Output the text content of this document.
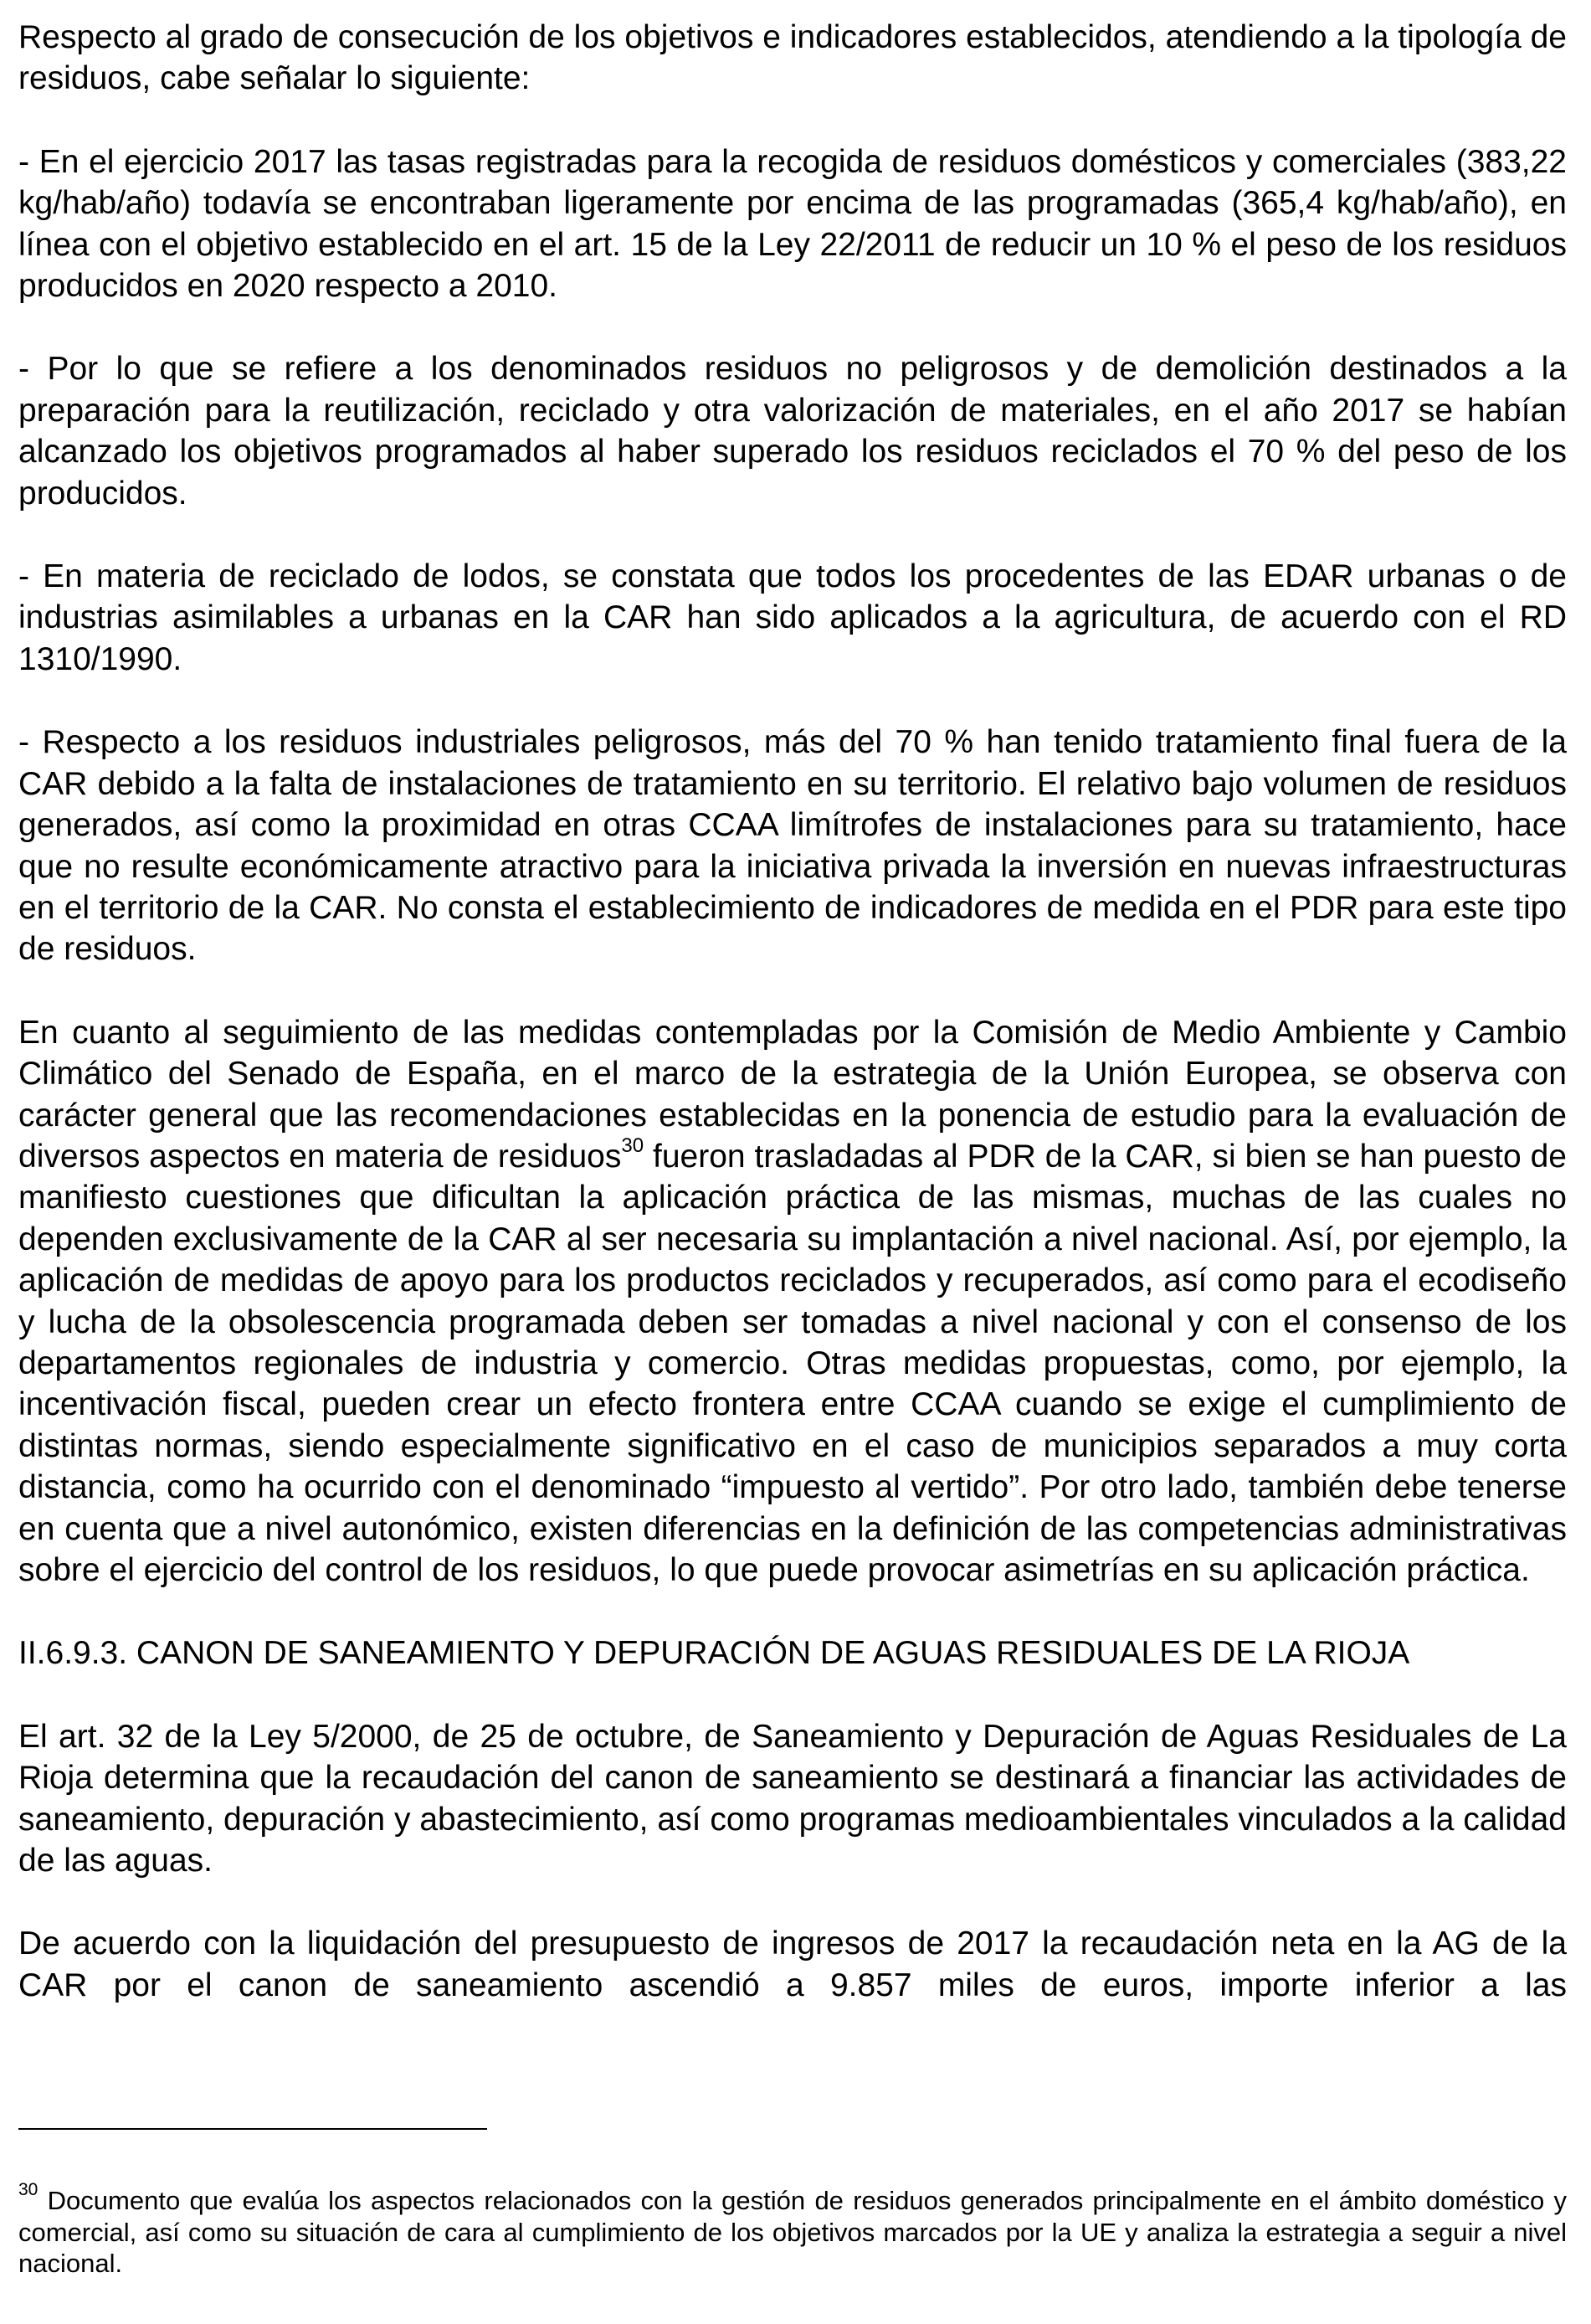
Respecto al grado de consecución de los objetivos e indicadores establecidos, atendiendo a la tipología de residuos, cabe señalar lo siguiente:

- En el ejercicio 2017 las tasas registradas para la recogida de residuos domésticos y comerciales (383,22 kg/hab/año) todavía se encontraban ligeramente por encima de las programadas (365,4 kg/hab/año), en línea con el objetivo establecido en el art. 15 de la Ley 22/2011 de reducir un 10 % el peso de los residuos producidos en 2020 respecto a 2010.

- Por lo que se refiere a los denominados residuos no peligrosos y de demolición destinados a la preparación para la reutilización, reciclado y otra valorización de materiales, en el año 2017 se habían alcanzado los objetivos programados al haber superado los residuos reciclados el 70 % del peso de los producidos.

- En materia de reciclado de lodos, se constata que todos los procedentes de las EDAR urbanas o de industrias asimilables a urbanas en la CAR han sido aplicados a la agricultura, de acuerdo con el RD 1310/1990.

- Respecto a los residuos industriales peligrosos, más del 70 % han tenido tratamiento final fuera de la CAR debido a la falta de instalaciones de tratamiento en su territorio. El relativo bajo volumen de residuos generados, así como la proximidad en otras CCAA limítrofes de instalaciones para su tratamiento, hace que no resulte económicamente atractivo para la iniciativa privada la inversión en nuevas infraestructuras en el territorio de la CAR. No consta el establecimiento de indicadores de medida en el PDR para este tipo de residuos.

En cuanto al seguimiento de las medidas contempladas por la Comisión de Medio Ambiente y Cambio Climático del Senado de España, en el marco de la estrategia de la Unión Europea, se observa con carácter general que las recomendaciones establecidas en la ponencia de estudio para la evaluación de diversos aspectos en materia de residuos$^{30}$ fueron trasladadas al PDR de la CAR, si bien se han puesto de manifiesto cuestiones que dificultan la aplicación práctica de las mismas, muchas de las cuales no dependen exclusivamente de la CAR al ser necesaria su implantación a nivel nacional. Así, por ejemplo, la aplicación de medidas de apoyo para los productos reciclados y recuperados, así como para el ecodiseño y lucha de la obsolescencia programada deben ser tomadas a nivel nacional y con el consenso de los departamentos regionales de industria y comercio. Otras medidas propuestas, como, por ejemplo, la incentivación fiscal, pueden crear un efecto frontera entre CCAA cuando se exige el cumplimiento de distintas normas, siendo especialmente significativo en el caso de municipios separados a muy corta distancia, como ha ocurrido con el denominado “impuesto al vertido”. Por otro lado, también debe tenerse en cuenta que a nivel autonómico, existen diferencias en la definición de las competencias administrativas sobre el ejercicio del control de los residuos, lo que puede provocar asimetrías en su aplicación práctica.

II.6.9.3. CANON DE SANEAMIENTO Y DEPURACIÓN DE AGUAS RESIDUALES DE LA RIOJA

El art. 32 de la Ley 5/2000, de 25 de octubre, de Saneamiento y Depuración de Aguas Residuales de La Rioja determina que la recaudación del canon de saneamiento se destinará a financiar las actividades de saneamiento, depuración y abastecimiento, así como programas medioambientales vinculados a la calidad de las aguas.

De acuerdo con la liquidación del presupuesto de ingresos de 2017 la recaudación neta en la AG de la CAR por el canon de saneamiento ascendió a 9.857 miles de euros, importe inferior a las

$^{30}$ Documento que evalúa los aspectos relacionados con la gestión de residuos generados principalmente en el ámbito doméstico y comercial, así como su situación de cara al cumplimiento de los objetivos marcados por la UE y analiza la estrategia a seguir a nivel nacional.
